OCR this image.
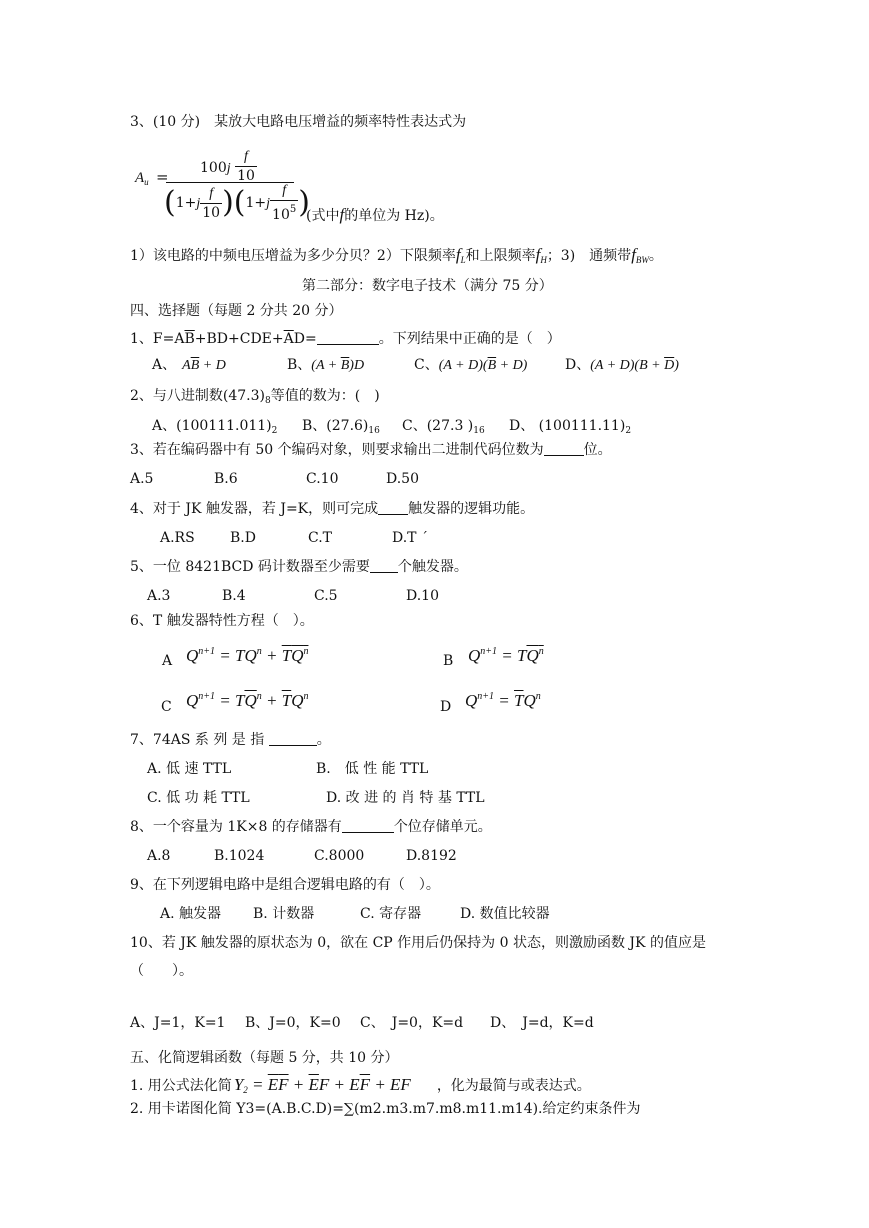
3、(10 分)　某放大电路电压增益的频率特性表达式为
$A_u = 100j \frac{f}{10}$
$(1+j \frac{f}{10} )(1+j \frac{f}{10^5}$ )
(式中f的单位为 Hz)。
1）该电路的中频电压增益为多少分贝？2）下限频率$f_L$和上限频率$f_H$；3)　通频带$f_{BW}$。
第二部分：数字电子技术（满分 75 分）
四、选择题（每题 2 分共 20 分）
1、$F=A\overline{B}+BD+CDE+\overline{A}D=$	。下列结果中正确的是（　）
A、 $A\overline{B} + D$	B、$(A + \overline{B})D$	C、$(A + D)(\overline{B} + D)$	D、$(A + D)(B + \overline{D})$
2、与八进制数$(47.3)_8$等值的数为：(　)
A、$(100111.011)_2$ B、$(27.6)_{16}$ C、(27.3 )$_{16}$ D、 $(100111.11)_2$
3、若在编码器中有 50 个编码对象，则要求输出二进制代码位数为	位。
A.5	B.6	C.10	D.50
4、对于 JK 触发器，若 J=K，则可完成 触发器的逻辑功能。
A.RS	B.D	C.T	D.T ΄
5、一位 8421BCD 码计数器至少需要 个触发器。
A.3	B.4	C.5	D.10
6、T 触发器特性方程（　）。
A $Q^{n+1} = TQ^n + \overline{T}Q^n$
B $Q^{n+1} = TQ^n$
C $Q^{n+1} = T\overline{Q}^n + \overline{T}Q^n$
D $Q^{n+1} = \overline{T}Q^n$
7、74AS 系 列 是 指	。
A. 低 速 TTL	B.　低 性 能 TTL
C. 低 功 耗 TTL	D. 改 进 的 肖 特 基 TTL
8、一个容量为 1K×8 的存储器有	个位存储单元。
A.8	B.1024	C.8000	D.8192
9、在下列逻辑电路中是组合逻辑电路的有（　）。
A. 触发器 B. 计数器	C. 寄存器	D. 数值比较器
10、若 JK 触发器的原状态为 0，欲在 CP 作用后仍保持为 0 状态，则激励函数 JK 的值应是
（　　）。
A、J=1，K=1 B、J=0，K=0 C、　J=0，K=d D、　J=d，K=d
五、化简逻辑函数（每题 5 分，共 10 分）
1. 用公式法化简 $Y_2 = \overline{E}\overline{F} + \overline{E}F + E\overline{F}$ + EF ，化为最简与或表达式。
2. 用卡诺图化简 Y3=(A.B.C.D)=∑(m2.m3.m7.m8.m11.m14).给定约束条件为
